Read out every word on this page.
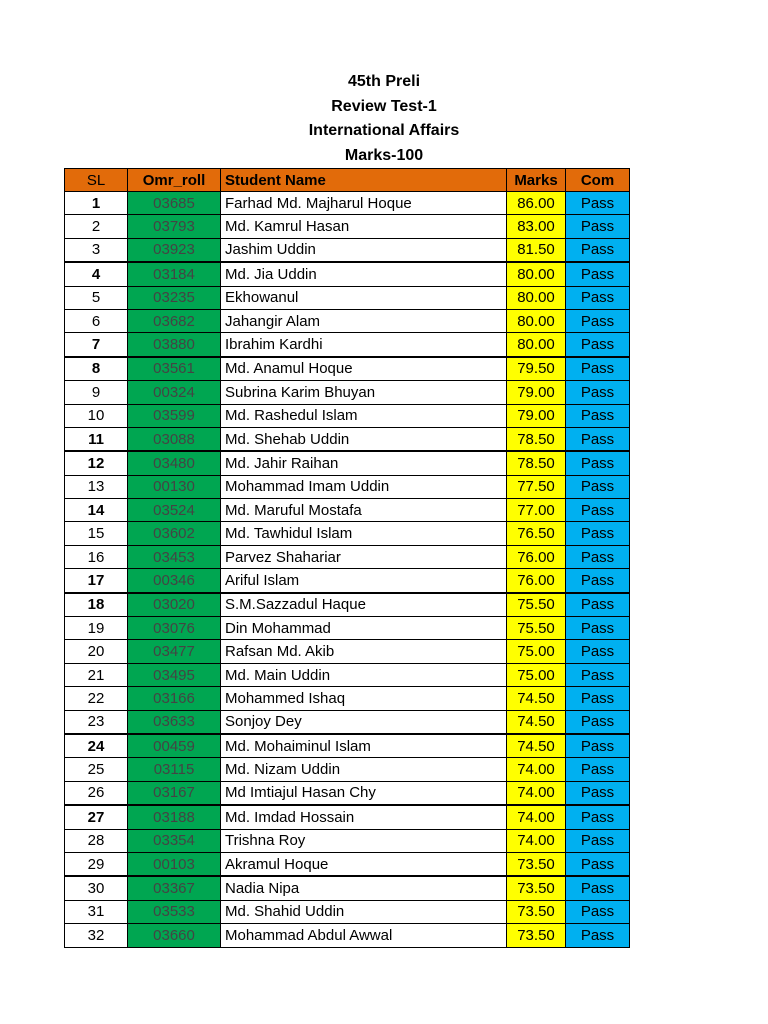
45th Preli
Review Test-1
International Affairs
Marks-100
SL	Omr_roll	Student Name	Marks	Com
1	03685	Farhad Md. Majharul Hoque	86.00	Pass
2	03793	Md. Kamrul Hasan	83.00	Pass
3	03923	Jashim Uddin	81.50	Pass
4	03184	Md. Jia Uddin	80.00	Pass
5	03235	Ekhowanul	80.00	Pass
6	03682	Jahangir Alam	80.00	Pass
7	03880	Ibrahim Kardhi	80.00	Pass
8	03561	Md. Anamul Hoque	79.50	Pass
9	00324	Subrina Karim Bhuyan	79.00	Pass
10	03599	Md. Rashedul Islam	79.00	Pass
11	03088	Md. Shehab Uddin	78.50	Pass
12	03480	Md. Jahir Raihan	78.50	Pass
13	00130	Mohammad Imam Uddin	77.50	Pass
14	03524	Md. Maruful Mostafa	77.00	Pass
15	03602	Md. Tawhidul Islam	76.50	Pass
16	03453	Parvez Shahariar	76.00	Pass
17	00346	Ariful Islam	76.00	Pass
18	03020	S.M.Sazzadul Haque	75.50	Pass
19	03076	Din Mohammad	75.50	Pass
20	03477	Rafsan Md. Akib	75.00	Pass
21	03495	Md. Main Uddin	75.00	Pass
22	03166	Mohammed Ishaq	74.50	Pass
23	03633	Sonjoy Dey	74.50	Pass
24	00459	Md. Mohaiminul Islam	74.50	Pass
25	03115	Md. Nizam Uddin	74.00	Pass
26	03167	Md Imtiajul Hasan Chy	74.00	Pass
27	03188	Md. Imdad Hossain	74.00	Pass
28	03354	Trishna Roy	74.00	Pass
29	00103	Akramul Hoque	73.50	Pass
30	03367	Nadia Nipa	73.50	Pass
31	03533	Md. Shahid Uddin	73.50	Pass
32	03660	Mohammad Abdul Awwal	73.50	Pass
